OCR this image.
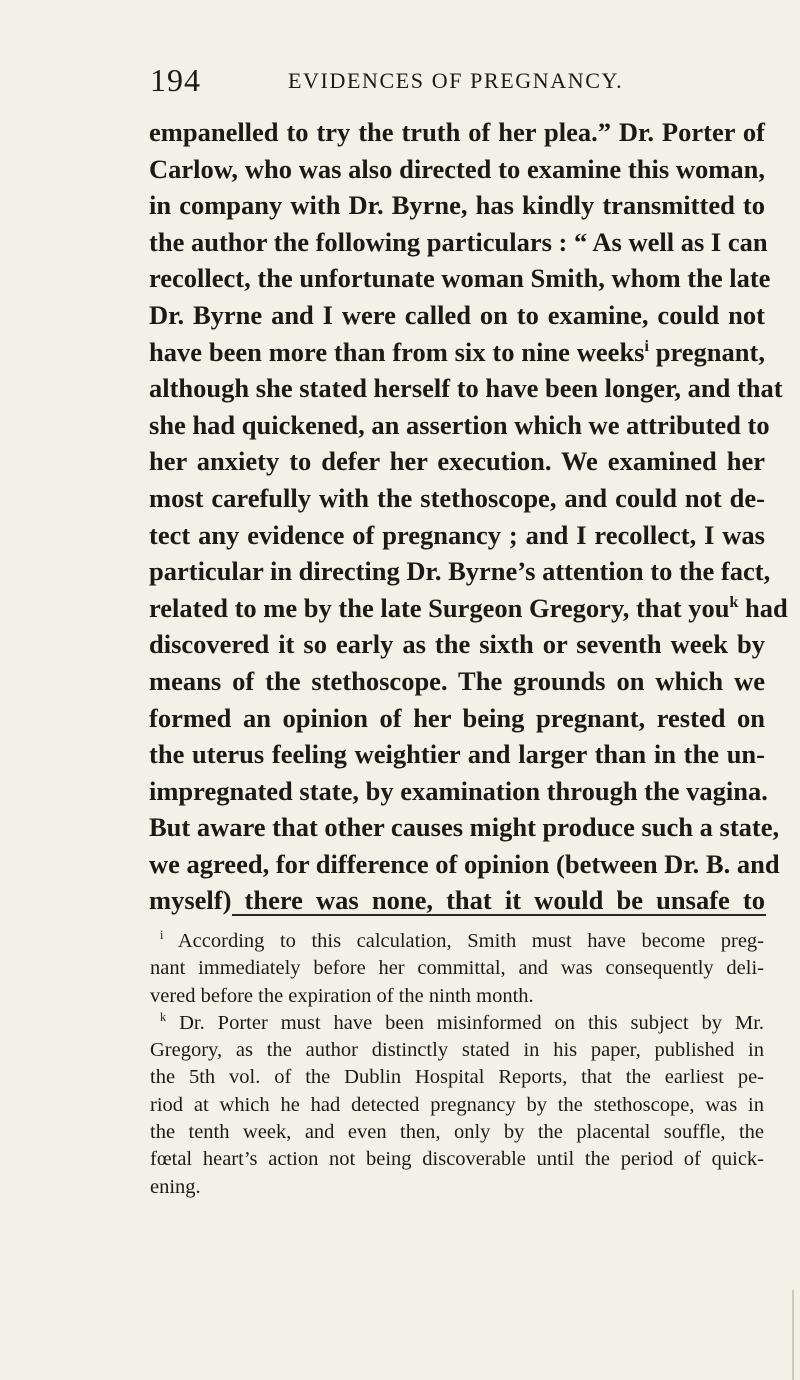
194	EVIDENCES OF PREGNANCY.
empanelled to try the truth of her plea.” Dr. Porter of
Carlow, who was also directed to examine this woman,
in company with Dr. Byrne, has kindly transmitted to
the author the following particulars : “ As well as I can
recollect, the unfortunate woman Smith, whom the late
Dr. Byrne and I were called on to examine, could not
have been more than from six to nine weeks$^i$ pregnant,
although she stated herself to have been longer, and that
she had quickened, an assertion which we attributed to
her anxiety to defer her execution. We examined her
most carefully with the stethoscope, and could not de-
tect any evidence of pregnancy ; and I recollect, I was
particular in directing Dr. Byrne’s attention to the fact,
related to me by the late Surgeon Gregory, that you$^k$ had
discovered it so early as the sixth or seventh week by
means of the stethoscope. The grounds on which we
formed an opinion of her being pregnant, rested on
the uterus feeling weightier and larger than in the un-
impregnated state, by examination through the vagina.
But aware that other causes might produce such a state,
we agreed, for difference of opinion (between Dr. B. and
myself) there was none, that it would be unsafe to
$^i$ According to this calculation, Smith must have become preg-
nant immediately before her committal, and was consequently deli-
vered before the expiration of the ninth month.
$^k$ Dr. Porter must have been misinformed on this subject by Mr.
Gregory, as the author distinctly stated in his paper, published in
the 5th vol. of the Dublin Hospital Reports, that the earliest pe-
riod at which he had detected pregnancy by the stethoscope, was in
the tenth week, and even then, only by the placental souffle, the
fœtal heart’s action not being discoverable until the period of quick-
ening.
